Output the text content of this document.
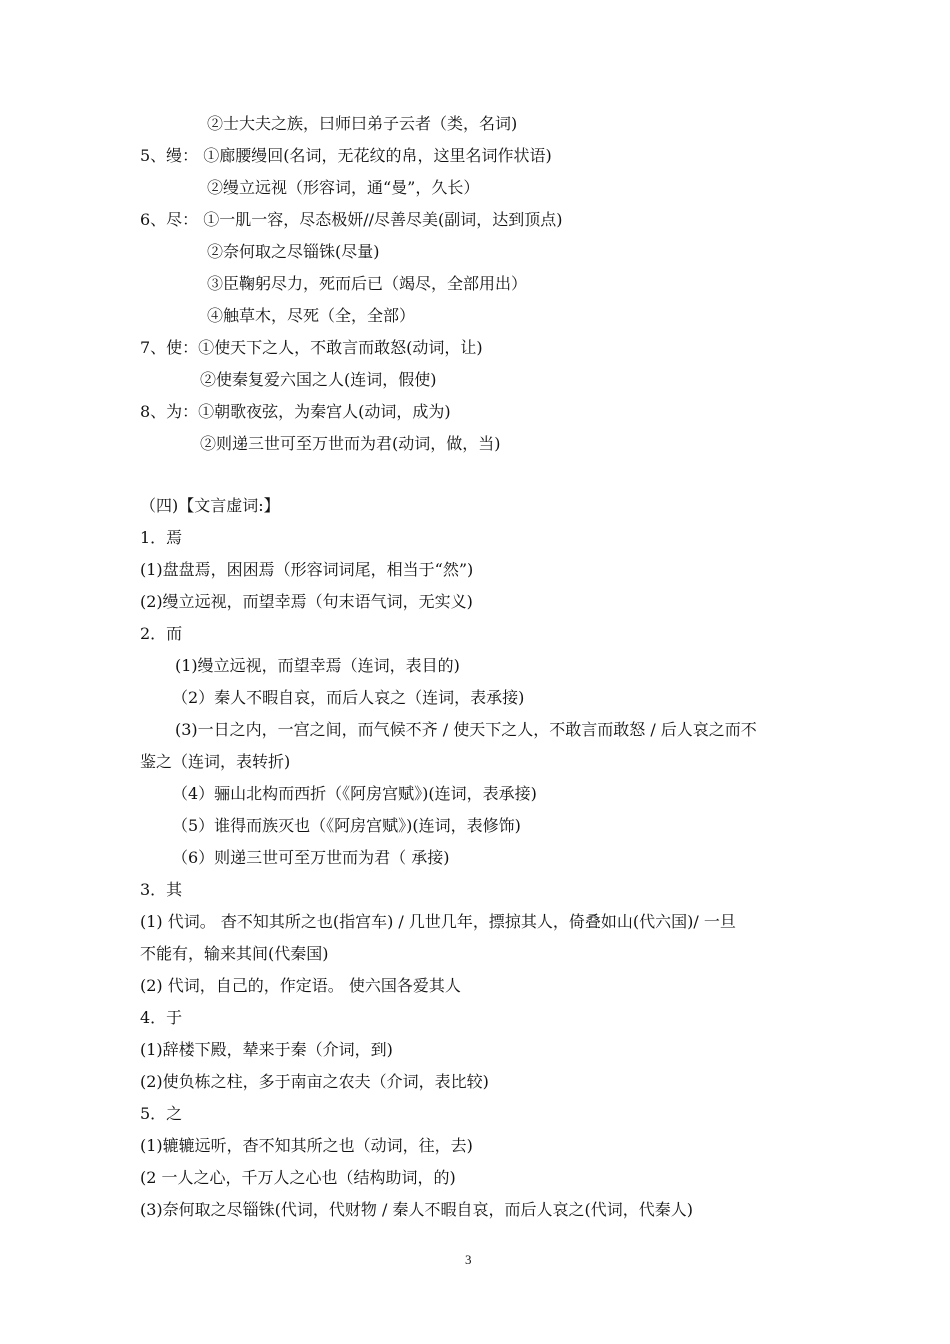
②士大夫之族，曰师曰弟子云者（类，名词)
5、缦： ①廊腰缦回(名词，无花纹的帛，这里名词作状语)
②缦立远视（形容词，通“曼”，久长）
6、尽： ①一肌一容，尽态极妍//尽善尽美(副词，达到顶点)
②奈何取之尽锱铢(尽量)
③臣鞠躬尽力，死而后已（竭尽，全部用出）
④触草木，尽死（全，全部）
7、使：①使天下之人，不敢言而敢怒(动词，让)
②使秦复爱六国之人(连词，假使)
8、为：①朝歌夜弦，为秦宫人(动词，成为)
②则递三世可至万世而为君(动词，做，当)
（四)【文言虚词:】
1．焉
(1)盘盘焉，困困焉（形容词词尾，相当于“然”)
(2)缦立远视，而望幸焉（句末语气词，无实义)
2．而
(1)缦立远视，而望幸焉（连词，表目的)
（2）秦人不暇自哀，而后人哀之（连词，表承接)
(3)一日之内，一宫之间，而气候不齐 / 使天下之人，不敢言而敢怒 / 后人哀之而不
鉴之（连词，表转折)
（4）骊山北构而西折（《阿房宫赋》)(连词，表承接)
（5）谁得而族灭也（《阿房宫赋》)(连词，表修饰)
（6）则递三世可至万世而为君（ 承接)
3．其
(1) 代词。 杳不知其所之也(指宫车) / 几世几年，摽掠其人，倚叠如山(代六国)/ 一旦
不能有，输来其间(代秦国)
(2) 代词，自己的，作定语。 使六国各爱其人
4．于
(1)辞楼下殿，辇来于秦（介词，到)
(2)使负栋之柱，多于南亩之农夫（介词，表比较)
5．之
(1)辘辘远听，杳不知其所之也（动词，往，去)
(2 一人之心，千万人之心也（结构助词，的)
(3)奈何取之尽锱铢(代词，代财物 / 秦人不暇自哀，而后人哀之(代词，代秦人)
3
